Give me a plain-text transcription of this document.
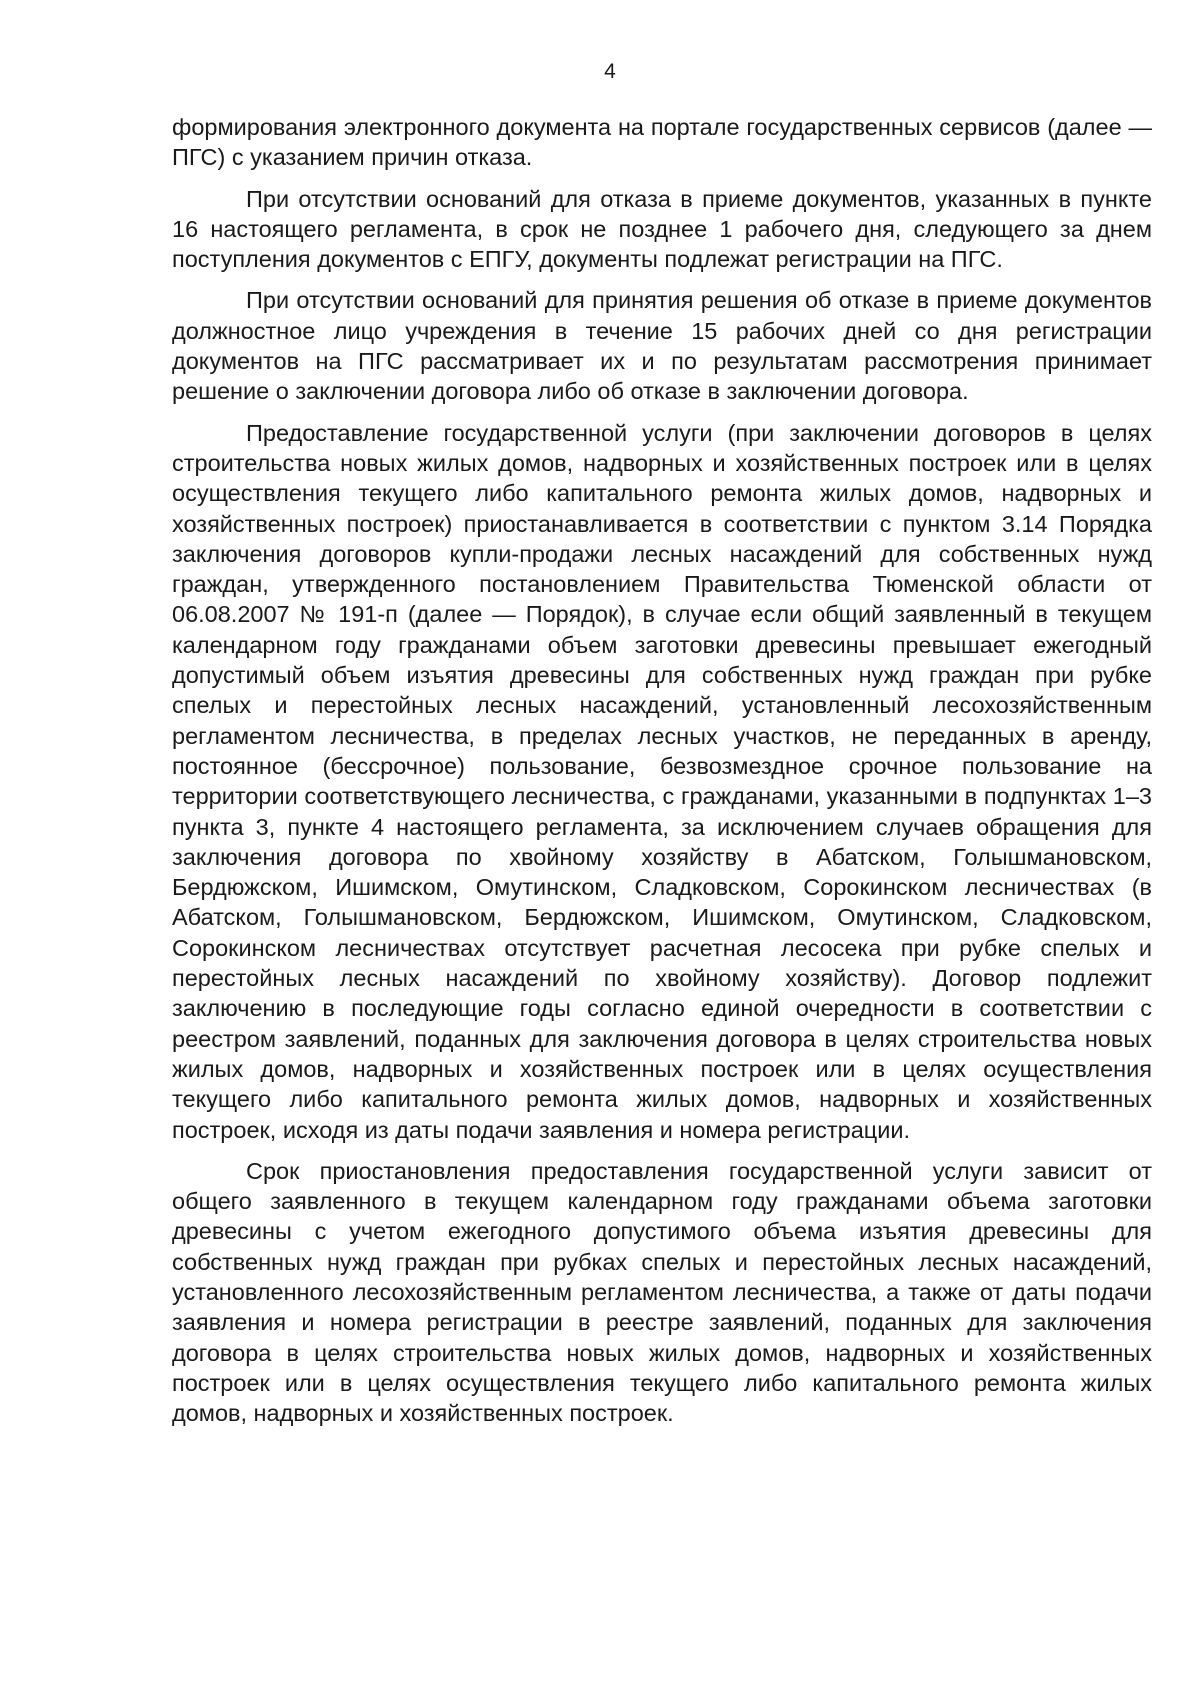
4

формирования электронного документа на портале государственных сервисов (далее — ПГС) с указанием причин отказа.

При отсутствии оснований для отказа в приеме документов, указанных в пункте 16 настоящего регламента, в срок не позднее 1 рабочего дня, следующего за днем поступления документов с ЕПГУ, документы подлежат регистрации на ПГС.

При отсутствии оснований для принятия решения об отказе в приеме документов должностное лицо учреждения в течение 15 рабочих дней со дня регистрации документов на ПГС рассматривает их и по результатам рассмотрения принимает решение о заключении договора либо об отказе в заключении договора.

Предоставление государственной услуги (при заключении договоров в целях строительства новых жилых домов, надворных и хозяйственных построек или в целях осуществления текущего либо капитального ремонта жилых домов, надворных и хозяйственных построек) приостанавливается в соответствии с пунктом 3.14 Порядка заключения договоров купли-продажи лесных насаждений для собственных нужд граждан, утвержденного постановлением Правительства Тюменской области от 06.08.2007 № 191-п (далее — Порядок), в случае если общий заявленный в текущем календарном году гражданами объем заготовки древесины превышает ежегодный допустимый объем изъятия древесины для собственных нужд граждан при рубке спелых и перестойных лесных насаждений, установленный лесохозяйственным регламентом лесничества, в пределах лесных участков, не переданных в аренду, постоянное (бессрочное) пользование, безвозмездное срочное пользование на территории соответствующего лесничества, с гражданами, указанными в подпунктах 1–3 пункта 3, пункте 4 настоящего регламента, за исключением случаев обращения для заключения договора по хвойному хозяйству в Абатском, Голышмановском, Бердюжском, Ишимском, Омутинском, Сладковском, Сорокинском лесничествах (в Абатском, Голышмановском, Бердюжском, Ишимском, Омутинском, Сладковском, Сорокинском лесничествах отсутствует расчетная лесосека при рубке спелых и перестойных лесных насаждений по хвойному хозяйству). Договор подлежит заключению в последующие годы согласно единой очередности в соответствии с реестром заявлений, поданных для заключения договора в целях строительства новых жилых домов, надворных и хозяйственных построек или в целях осуществления текущего либо капитального ремонта жилых домов, надворных и хозяйственных построек, исходя из даты подачи заявления и номера регистрации.

Срок приостановления предоставления государственной услуги зависит от общего заявленного в текущем календарном году гражданами объема заготовки древесины с учетом ежегодного допустимого объема изъятия древесины для собственных нужд граждан при рубках спелых и перестойных лесных насаждений, установленного лесохозяйственным регламентом лесничества, а также от даты подачи заявления и номера регистрации в реестре заявлений, поданных для заключения договора в целях строительства новых жилых домов, надворных и хозяйственных построек или в целях осуществления текущего либо капитального ремонта жилых домов, надворных и хозяйственных построек.
